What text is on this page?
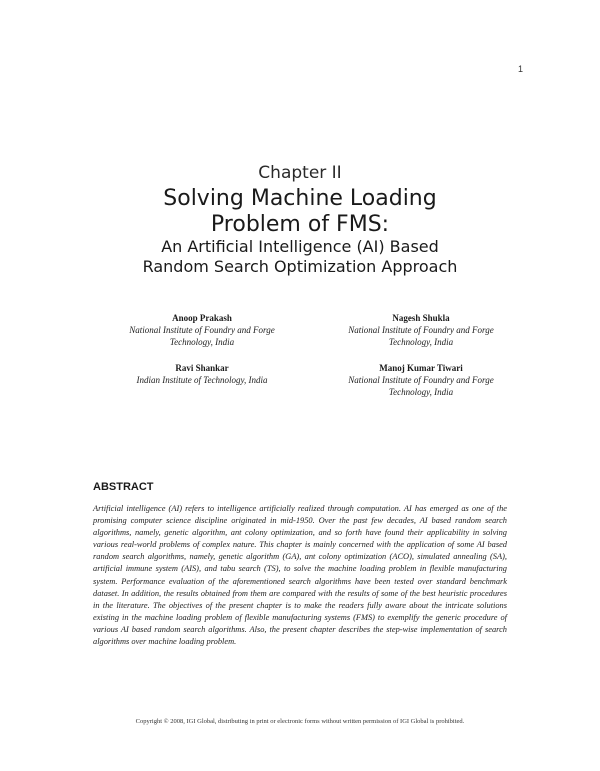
1
Chapter II
Solving Machine Loading
Problem of FMS:
An Artificial Intelligence (AI) Based
Random Search Optimization Approach
Anoop Prakash
National Institute of Foundry and Forge
Technology, India
Nagesh Shukla
National Institute of Foundry and Forge
Technology, India
Ravi Shankar
Indian Institute of Technology, India
Manoj Kumar Tiwari
National Institute of Foundry and Forge
Technology, India
ABSTRACT
Artificial intelligence (AI) refers to intelligence artificially realized through computation. AI has emerged as one of the promising computer science discipline originated in mid-1950. Over the past few decades, AI based random search algorithms, namely, genetic algorithm, ant colony optimization, and so forth have found their applicability in solving various real-world problems of complex nature. This chapter is mainly concerned with the application of some AI based random search algorithms, namely, genetic algorithm (GA), ant colony optimization (ACO), simulated annealing (SA), artificial immune system (AIS), and tabu search (TS), to solve the machine loading problem in flexible manufacturing system. Performance evaluation of the aforementioned search algorithms have been tested over standard benchmark dataset. In addition, the results obtained from them are compared with the results of some of the best heuristic procedures in the literature. The objectives of the present chapter is to make the readers fully aware about the intricate solutions existing in the machine loading problem of flexible manufacturing systems (FMS) to exemplify the generic procedure of various AI based random search algorithms. Also, the present chapter describes the step-wise implementation of search algorithms over machine loading problem.
Copyright © 2008, IGI Global, distributing in print or electronic forms without written permission of IGI Global is prohibited.
